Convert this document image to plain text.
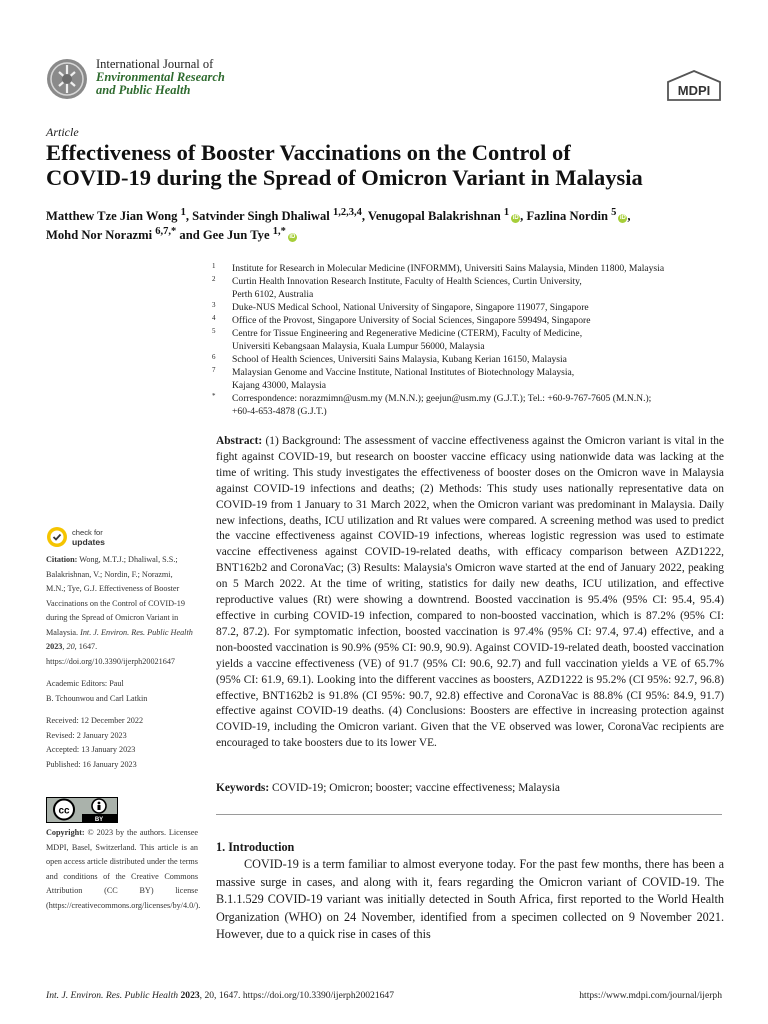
International Journal of
Environmental Research
and Public Health	MDPI
Article
Effectiveness of Booster Vaccinations on the Control of
COVID-19 during the Spread of Omicron Variant in Malaysia
Matthew Tze Jian Wong $^1$, Satvinder Singh Dhaliwal $^{1,2,3,4}$, Venugopal Balakrishnan $^1$iD , Fazlina Nordin $^5$iD ,
Mohd Nor Norazmi $^{6,7,*}$ and Gee Jun Tye $^{1,*}$iD
1 Institute for Research in Molecular Medicine (INFORMM), Universiti Sains Malaysia, Minden 11800, Malaysia
2 Curtin Health Innovation Research Institute, Faculty of Health Sciences, Curtin University,
Perth 6102, Australia
3 Duke-NUS Medical School, National University of Singapore, Singapore 119077, Singapore
4 Office of the Provost, Singapore University of Social Sciences, Singapore 599494, Singapore
5 Centre for Tissue Engineering and Regenerative Medicine (CTERM), Faculty of Medicine,
Universiti Kebangsaan Malaysia, Kuala Lumpur 56000, Malaysia
6 School of Health Sciences, Universiti Sains Malaysia, Kubang Kerian 16150, Malaysia
7 Malaysian Genome and Vaccine Institute, National Institutes of Biotechnology Malaysia,
Kajang 43000, Malaysia
* Correspondence: norazmimn@usm.my (M.N.N.); geejun@usm.my (G.J.T.); Tel.: +60-9-767-7605 (M.N.N.);
+60-4-653-4878 (G.J.T.)
Abstract: (1) Background: The assessment of vaccine effectiveness against the Omicron variant is vital in the fight against COVID-19, but research on booster vaccine efficacy using nationwide data was lacking at the time of writing. This study investigates the effectiveness of booster doses on the Omicron wave in Malaysia against COVID-19 infections and deaths; (2) Methods: This study uses nationally representative data on COVID-19 from 1 January to 31 March 2022, when the Omicron variant was predominant in Malaysia. Daily new infections, deaths, ICU utilization and Rt values were compared. A screening method was used to predict the vaccine effectiveness against COVID-19 infections, whereas logistic regression was used to estimate vaccine effectiveness against COVID-19-related deaths, with efficacy comparison between AZD1222, BNT162b2 and CoronaVac; (3) Results: Malaysia's Omicron wave started at the end of January 2022, peaking on 5 March 2022. At the time of writing, statistics for daily new deaths, ICU utilization, and effective reproductive values (Rt) were showing a downtrend. Boosted vaccination is 95.4% (95% CI: 95.4, 95.4) effective in curbing COVID-19 infection, compared to non-boosted vaccination, which is 87.2% (95% CI: 87.2, 87.2). For symptomatic infection, boosted vaccination is 97.4% (95% CI: 97.4, 97.4) effective, and a non-boosted vaccination is 90.9% (95% CI: 90.9, 90.9). Against COVID-19-related death, boosted vaccination yields a vaccine effectiveness (VE) of 91.7 (95% CI: 90.6, 92.7) and full vaccination yields a VE of 65.7% (95% CI: 61.9, 69.1). Looking into the different vaccines as boosters, AZD1222 is 95.2% (CI 95%: 92.7, 96.8) effective, BNT162b2 is 91.8% (CI 95%: 90.7, 92.8) effective and CoronaVac is 88.8% (CI 95%: 84.9, 91.7) effective against COVID-19 deaths. (4) Conclusions: Boosters are effective in increasing protection against COVID-19, including the Omicron variant. Given that the VE observed was lower, CoronaVac recipients are encouraged to take boosters due to its lower VE.
Keywords: COVID-19; Omicron; booster; vaccine effectiveness; Malaysia
1. Introduction
COVID-19 is a term familiar to almost everyone today. For the past few months, there has been a massive surge in cases, and along with it, fears regarding the Omicron variant of COVID-19. The B.1.1.529 COVID-19 variant was initially detected in South Africa, first reported to the World Health Organization (WHO) on 24 November, identified from a specimen collected on 9 November 2021. However, due to a quick rise in cases of this
check for
updates

Citation: Wong, M.T.J.; Dhaliwal, S.S.; Balakrishnan, V.; Nordin, F.; Norazmi, M.N.; Tye, G.J. Effectiveness of Booster Vaccinations on the Control of COVID-19 during the Spread of Omicron Variant in Malaysia. Int. J. Environ. Res. Public Health 2023, 20, 1647. https://doi.org/10.3390/ijerph20021647

Academic Editors: Paul

B. Tchounwou and Carl Latkin

Received: 12 December 2022

Revised: 2 January 2023

Accepted: 13 January 2023

Published: 16 January 2023

cc
BY
Copyright: © 2023 by the authors. Licensee MDPI, Basel, Switzerland. This article is an open access article distributed under the terms and conditions of the Creative Commons Attribution (CC BY) license (https://creativecommons.org/licenses/by/4.0/).
Int. J. Environ. Res. Public Health 2023, 20, 1647. https://doi.org/10.3390/ijerph20021647	https://www.mdpi.com/journal/ijerph
